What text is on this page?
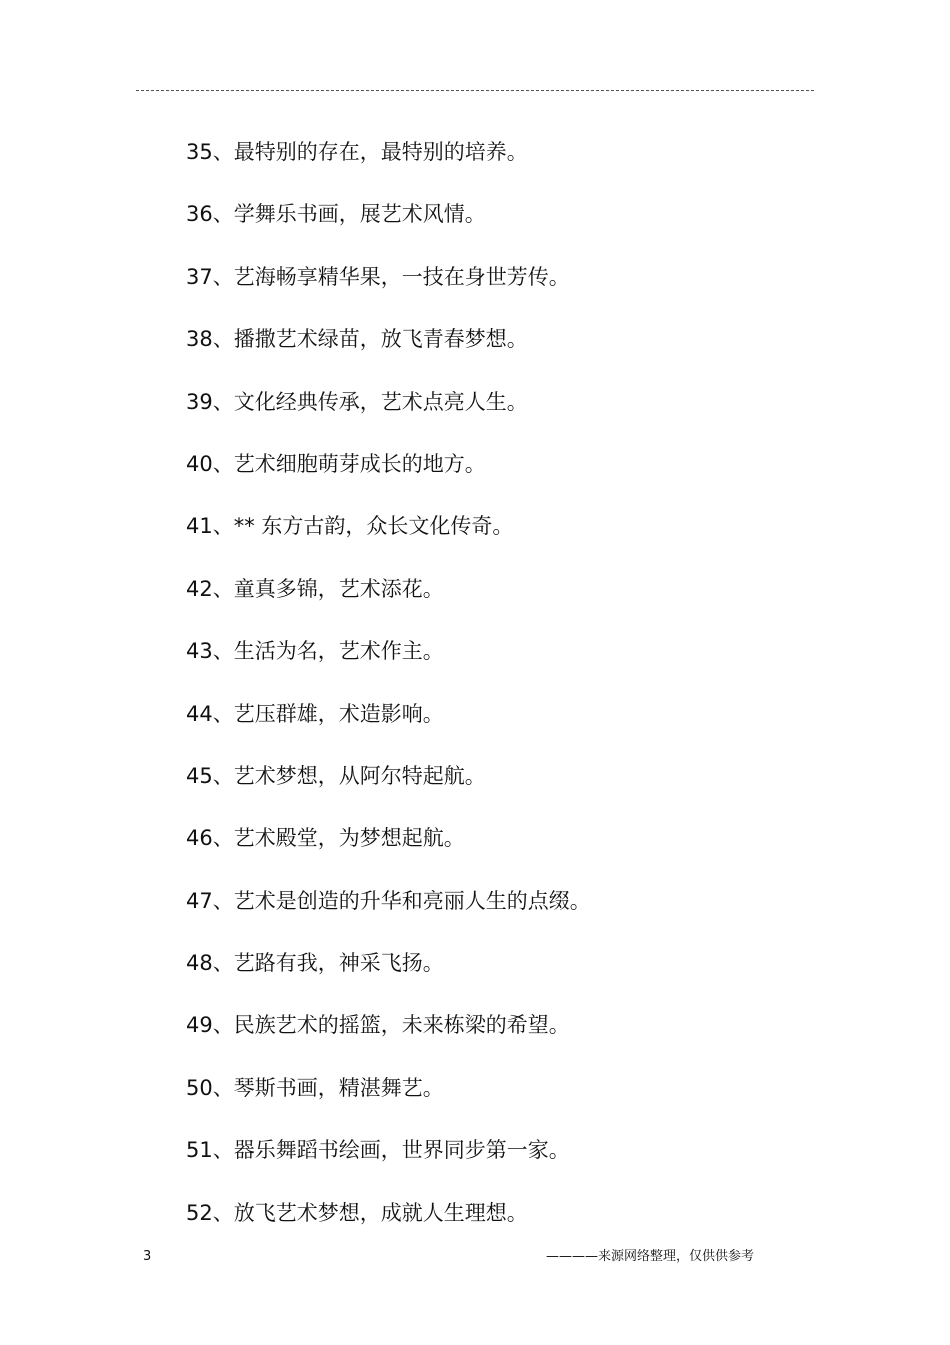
35、最特别的存在，最特别的培养。
36、学舞乐书画，展艺术风情。
37、艺海畅享精华果，一技在身世芳传。
38、播撒艺术绿苗，放飞青春梦想。
39、文化经典传承，艺术点亮人生。
40、艺术细胞萌芽成长的地方。
41、** 东方古韵，众长文化传奇。
42、童真多锦，艺术添花。
43、生活为名，艺术作主。
44、艺压群雄，术造影响。
45、艺术梦想，从阿尔特起航。
46、艺术殿堂，为梦想起航。
47、艺术是创造的升华和亮丽人生的点缀。
48、艺路有我，神采飞扬。
49、民族艺术的摇篮，未来栋梁的希望。
50、琴斯书画，精湛舞艺。
51、器乐舞蹈书绘画，世界同步第一家。
52、放飞艺术梦想，成就人生理想。
3	————来源网络整理，仅供供参考
